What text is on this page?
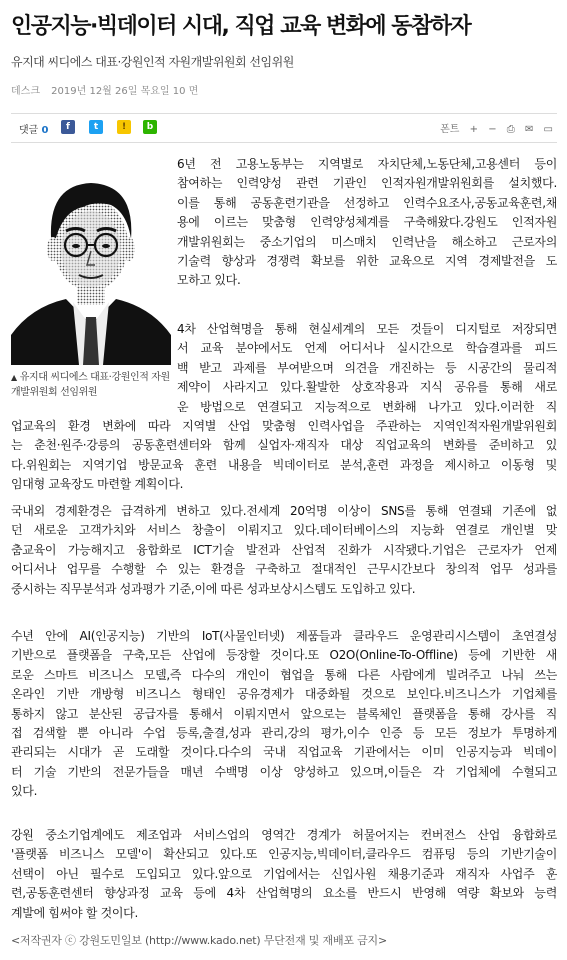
인공지능·빅데이터 시대, 직업 교육 변화에 동참하자
유지대 씨디에스 대표·강원인적 자원개발위원회 선임위원
데스크 2019년 12월 26일 목요일 10 면
댓글 0	f	t	!	b	폰트 + − ⎙ ✉ ▭
▲ 유지대 씨디에스 대표·강원인적 자원개발위원회 선임위원
6년 전 고용노동부는 지역별로 자치단체,노동단체,고용센터 등이
참여하는 인력양성 관련 기관인 인적자원개발위원회를 설치했다.
이를 통해 공동훈련기관을 선정하고 인력수요조사,공동교육훈련,채
용에 이르는 맞춤형 인력양성체계를 구축해왔다.강원도 인적자원
개발위원회는 중소기업의 미스매치 인력난을 해소하고 근로자의
기술력 향상과 경쟁력 확보를 위한 교육으로 지역 경제발전을 도
모하고 있다.
4차 산업혁명을 통해 현실세계의 모든 것들이 디지털로 저장되면
서 교육 분야에서도 언제 어디서나 실시간으로 학습결과를 피드
백 받고 과제를 부여받으며 의견을 개진하는 등 시공간의 물리적
제약이 사라지고 있다.활발한 상호작용과 지식 공유를 통해 새로
운 방법으로 연결되고 지능적으로 변화해 나가고 있다.이러한 직
업교육의 환경 변화에 따라 지역별 산업 맞춤형 인력사업을 주관하는 지역인적자원개발위원회
는 춘천·원주·강릉의 공동훈련센터와 함께 실업자·재직자 대상 직업교육의 변화를 준비하고 있
다.위원회는 지역기업 방문교육 훈련 내용을 빅데이터로 분석,훈련 과정을 제시하고 이동형 및
임대형 교육장도 마련할 계획이다.
국내외 경제환경은 급격하게 변하고 있다.전세계 20억명 이상이 SNS를 통해 연결돼 기존에 없
던 새로운 고객가치와 서비스 창출이 이뤄지고 있다.데이터베이스의 지능화 연결로 개인별 맞
춤교육이 가능해지고 융합화로 ICT기술 발전과 산업적 진화가 시작됐다.기업은 근로자가 언제
어디서나 업무를 수행할 수 있는 환경을 구축하고 절대적인 근무시간보다 창의적 업무 성과를
중시하는 직무분석과 성과평가 기준,이에 따른 성과보상시스템도 도입하고 있다.
수년 안에 AI(인공지능) 기반의 IoT(사물인터넷) 제품들과 클라우드 운영관리시스템이 초연결성
기반으로 플랫폼을 구축,모든 산업에 등장할 것이다.또 O2O(Online-To-Offline) 등에 기반한 새
로운 스마트 비즈니스 모델,즉 다수의 개인이 협업을 통해 다른 사람에게 빌려주고 나눠 쓰는
온라인 기반 개방형 비즈니스 형태인 공유경제가 대중화될 것으로 보인다.비즈니스가 기업체를
통하지 않고 분산된 공급자를 통해서 이뤄지면서 앞으로는 블록체인 플랫폼을 통해 강사를 직
접 검색할 뿐 아니라 수업 등록,출결,성과 관리,강의 평가,이수 인증 등 모든 정보가 투명하게
관리되는 시대가 곧 도래할 것이다.다수의 국내 직업교육 기관에서는 이미 인공지능과 빅데이
터 기술 기반의 전문가들을 매년 수백명 이상 양성하고 있으며,이들은 각 기업체에 수혈되고
있다.
강원 중소기업계에도 제조업과 서비스업의 영역간 경계가 허물어지는 컨버전스 산업 융합화로
'플랫폼 비즈니스 모델'이 확산되고 있다.또 인공지능,빅데이터,클라우드 컴퓨팅 등의 기반기술이
선택이 아닌 필수로 도입되고 있다.앞으로 기업에서는 신입사원 채용기준과 재직자 사업주 훈
련,공동훈련센터 향상과정 교육 등에 4차 산업혁명의 요소를 반드시 반영해 역량 확보와 능력
계발에 힘써야 할 것이다.
<저작권자 ⓒ 강원도민일보 (http://www.kado.net) 무단전재 및 재배포 금지>
